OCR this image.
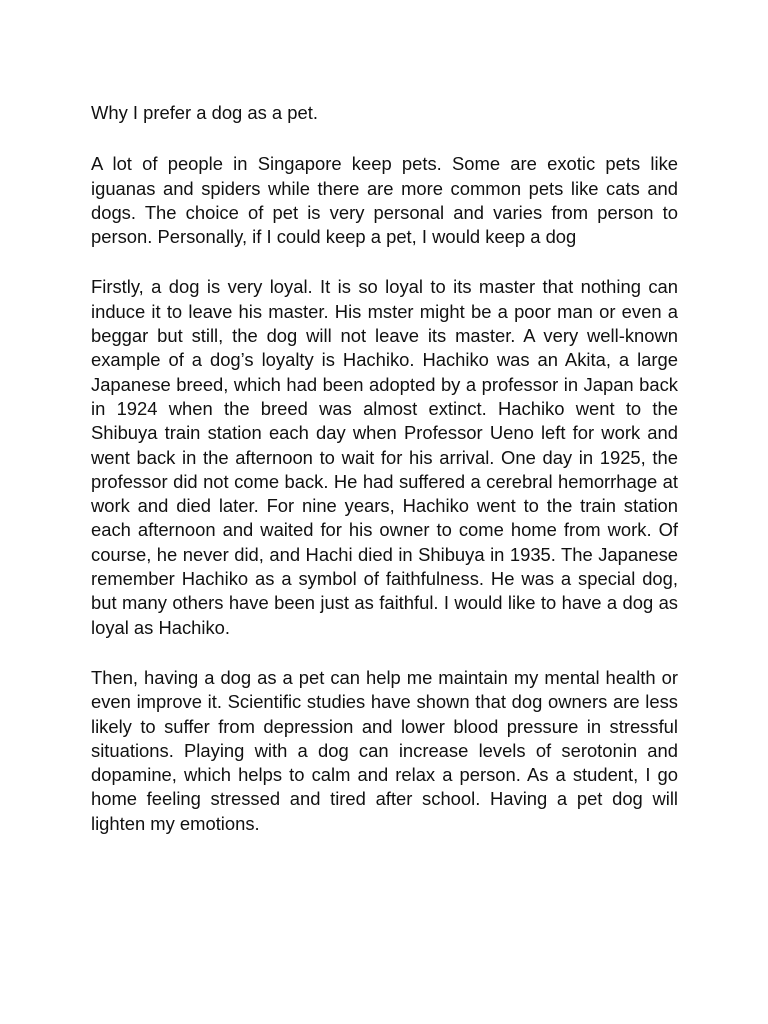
Why I prefer a dog as a pet.

A lot of people in Singapore keep pets. Some are exotic pets like iguanas and spiders while there are more common pets like cats and dogs. The choice of pet is very personal and varies from person to person. Personally, if I could keep a pet, I would keep a dog

Firstly, a dog is very loyal. It is so loyal to its master that nothing can induce it to leave his master. His mster might be a poor man or even a beggar but still, the dog will not leave its master. A very well-known example of a dog’s loyalty is Hachiko. Hachiko was an Akita, a large Japanese breed, which had been adopted by a professor in Japan back in 1924 when the breed was almost extinct. Hachiko went to the Shibuya train station each day when Professor Ueno left for work and went back in the afternoon to wait for his arrival. One day in 1925, the professor did not come back. He had suffered a cerebral hemorrhage at work and died later. For nine years, Hachiko went to the train station each afternoon and waited for his owner to come home from work. Of course, he never did, and Hachi died in Shibuya in 1935. The Japanese remember Hachiko as a symbol of faithfulness. He was a special dog, but many others have been just as faithful. I would like to have a dog as loyal as Hachiko.

Then, having a dog as a pet can help me maintain my mental health or even improve it. Scientific studies have shown that dog owners are less likely to suffer from depression and lower blood pressure in stressful situations. Playing with a dog can increase levels of serotonin and dopamine, which helps to calm and relax a person. As a student, I go home feeling stressed and tired after school. Having a pet dog will lighten my emotions.
